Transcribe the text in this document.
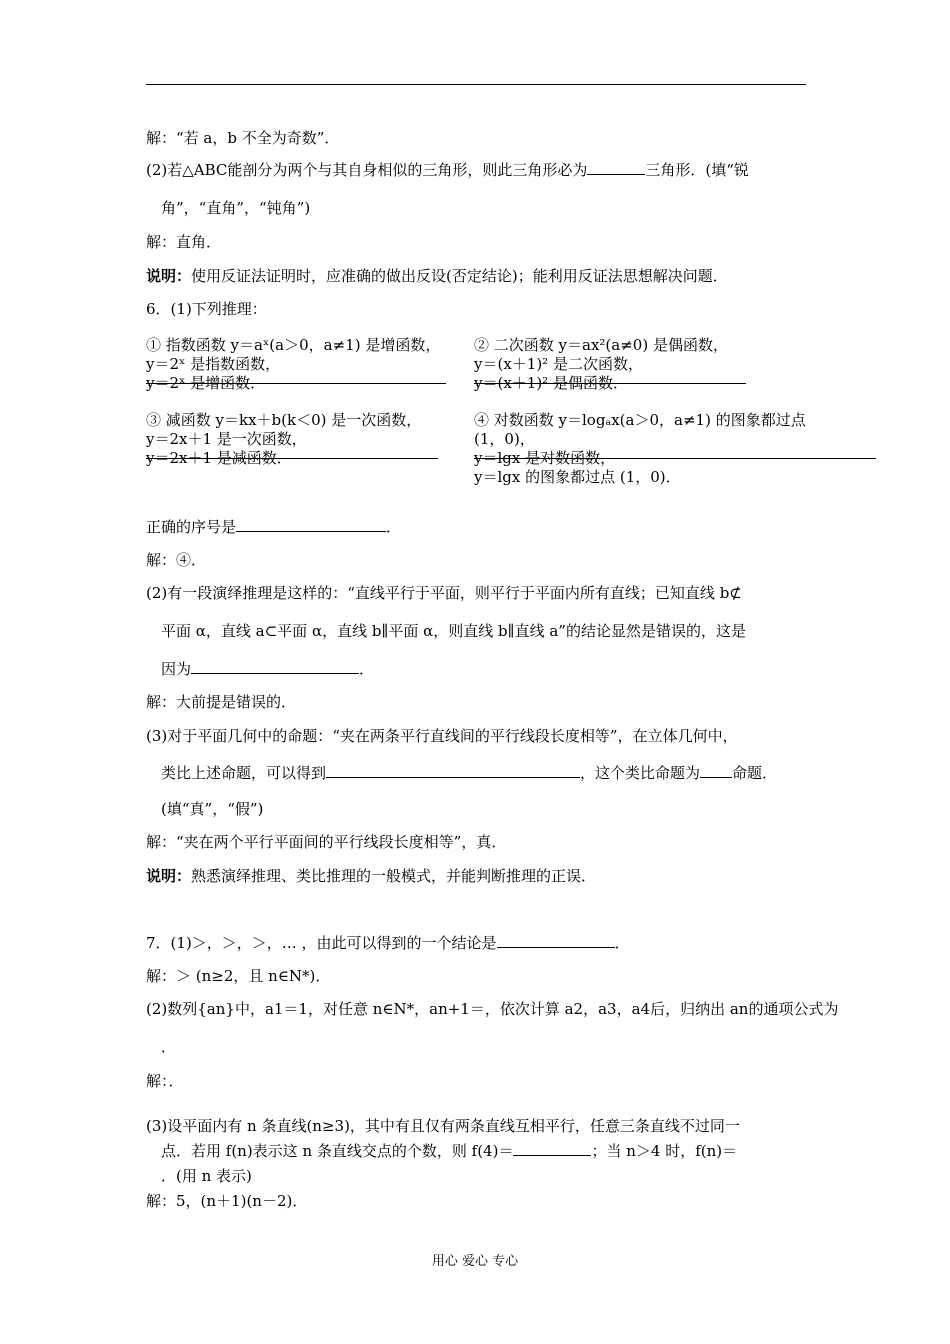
解：“若 a，b 不全为奇数”．
(2)若△ABC能剖分为两个与其自身相似的三角形，则此三角形必为	三角形．(填“锐
角”，“直角”，“钝角”)
解：直角．
说明：使用反证法证明时，应准确的做出反设(否定结论)；能利用反证法思想解决问题．
6．(1)下列推理：
① 指数函数 y＝aˣ(a＞0，a≠1) 是增函数，
y＝2ˣ 是指数函数，
y＝2ˣ 是增函数．
② 二次函数 y＝ax²(a≠0) 是偶函数，
y＝(x＋1)² 是二次函数，
y＝(x＋1)² 是偶函数．
③ 减函数 y＝kx＋b(k＜0) 是一次函数，
y＝2x＋1 是一次函数，
y＝2x＋1 是减函数．
④ 对数函数 y＝logₐx(a＞0，a≠1) 的图象都过点
(1，0)，
y＝lgx 是对数函数，
y＝lgx 的图象都过点 (1，0)．
正确的序号是	．
解：④．
(2)有一段演绎推理是这样的：“直线平行于平面，则平行于平面内所有直线；已知直线 b⊄
平面 α，直线 a⊂平面 α，直线 b∥平面 α，则直线 b∥直线 a”的结论显然是错误的，这是
因为	．
解：大前提是错误的．
(3)对于平面几何中的命题：“夹在两条平行直线间的平行线段长度相等”，在立体几何中，
类比上述命题，可以得到	，这个类比命题为 命题．
(填“真”，“假”)
解：“夹在两个平行平面间的平行线段长度相等”，真．
说明：熟悉演绎推理、类比推理的一般模式，并能判断推理的正误．
7．(1)＞，＞，＞，… ，由此可以得到的一个结论是	．
解：＞ (n≥2，且 n∈N*)．
(2)数列{an}中，a1＝1，对任意 n∈N*，an+1＝，依次计算 a2，a3，a4后，归纳出 an的通项公式为
．
解：．
(3)设平面内有 n 条直线(n≥3)，其中有且仅有两条直线互相平行，任意三条直线不过同一
点．若用 f(n)表示这 n 条直线交点的个数，则 f(4)＝	；当 n＞4 时，f(n)＝
．(用 n 表示)
解：5，(n＋1)(n－2)．
用心 爱心 专心
